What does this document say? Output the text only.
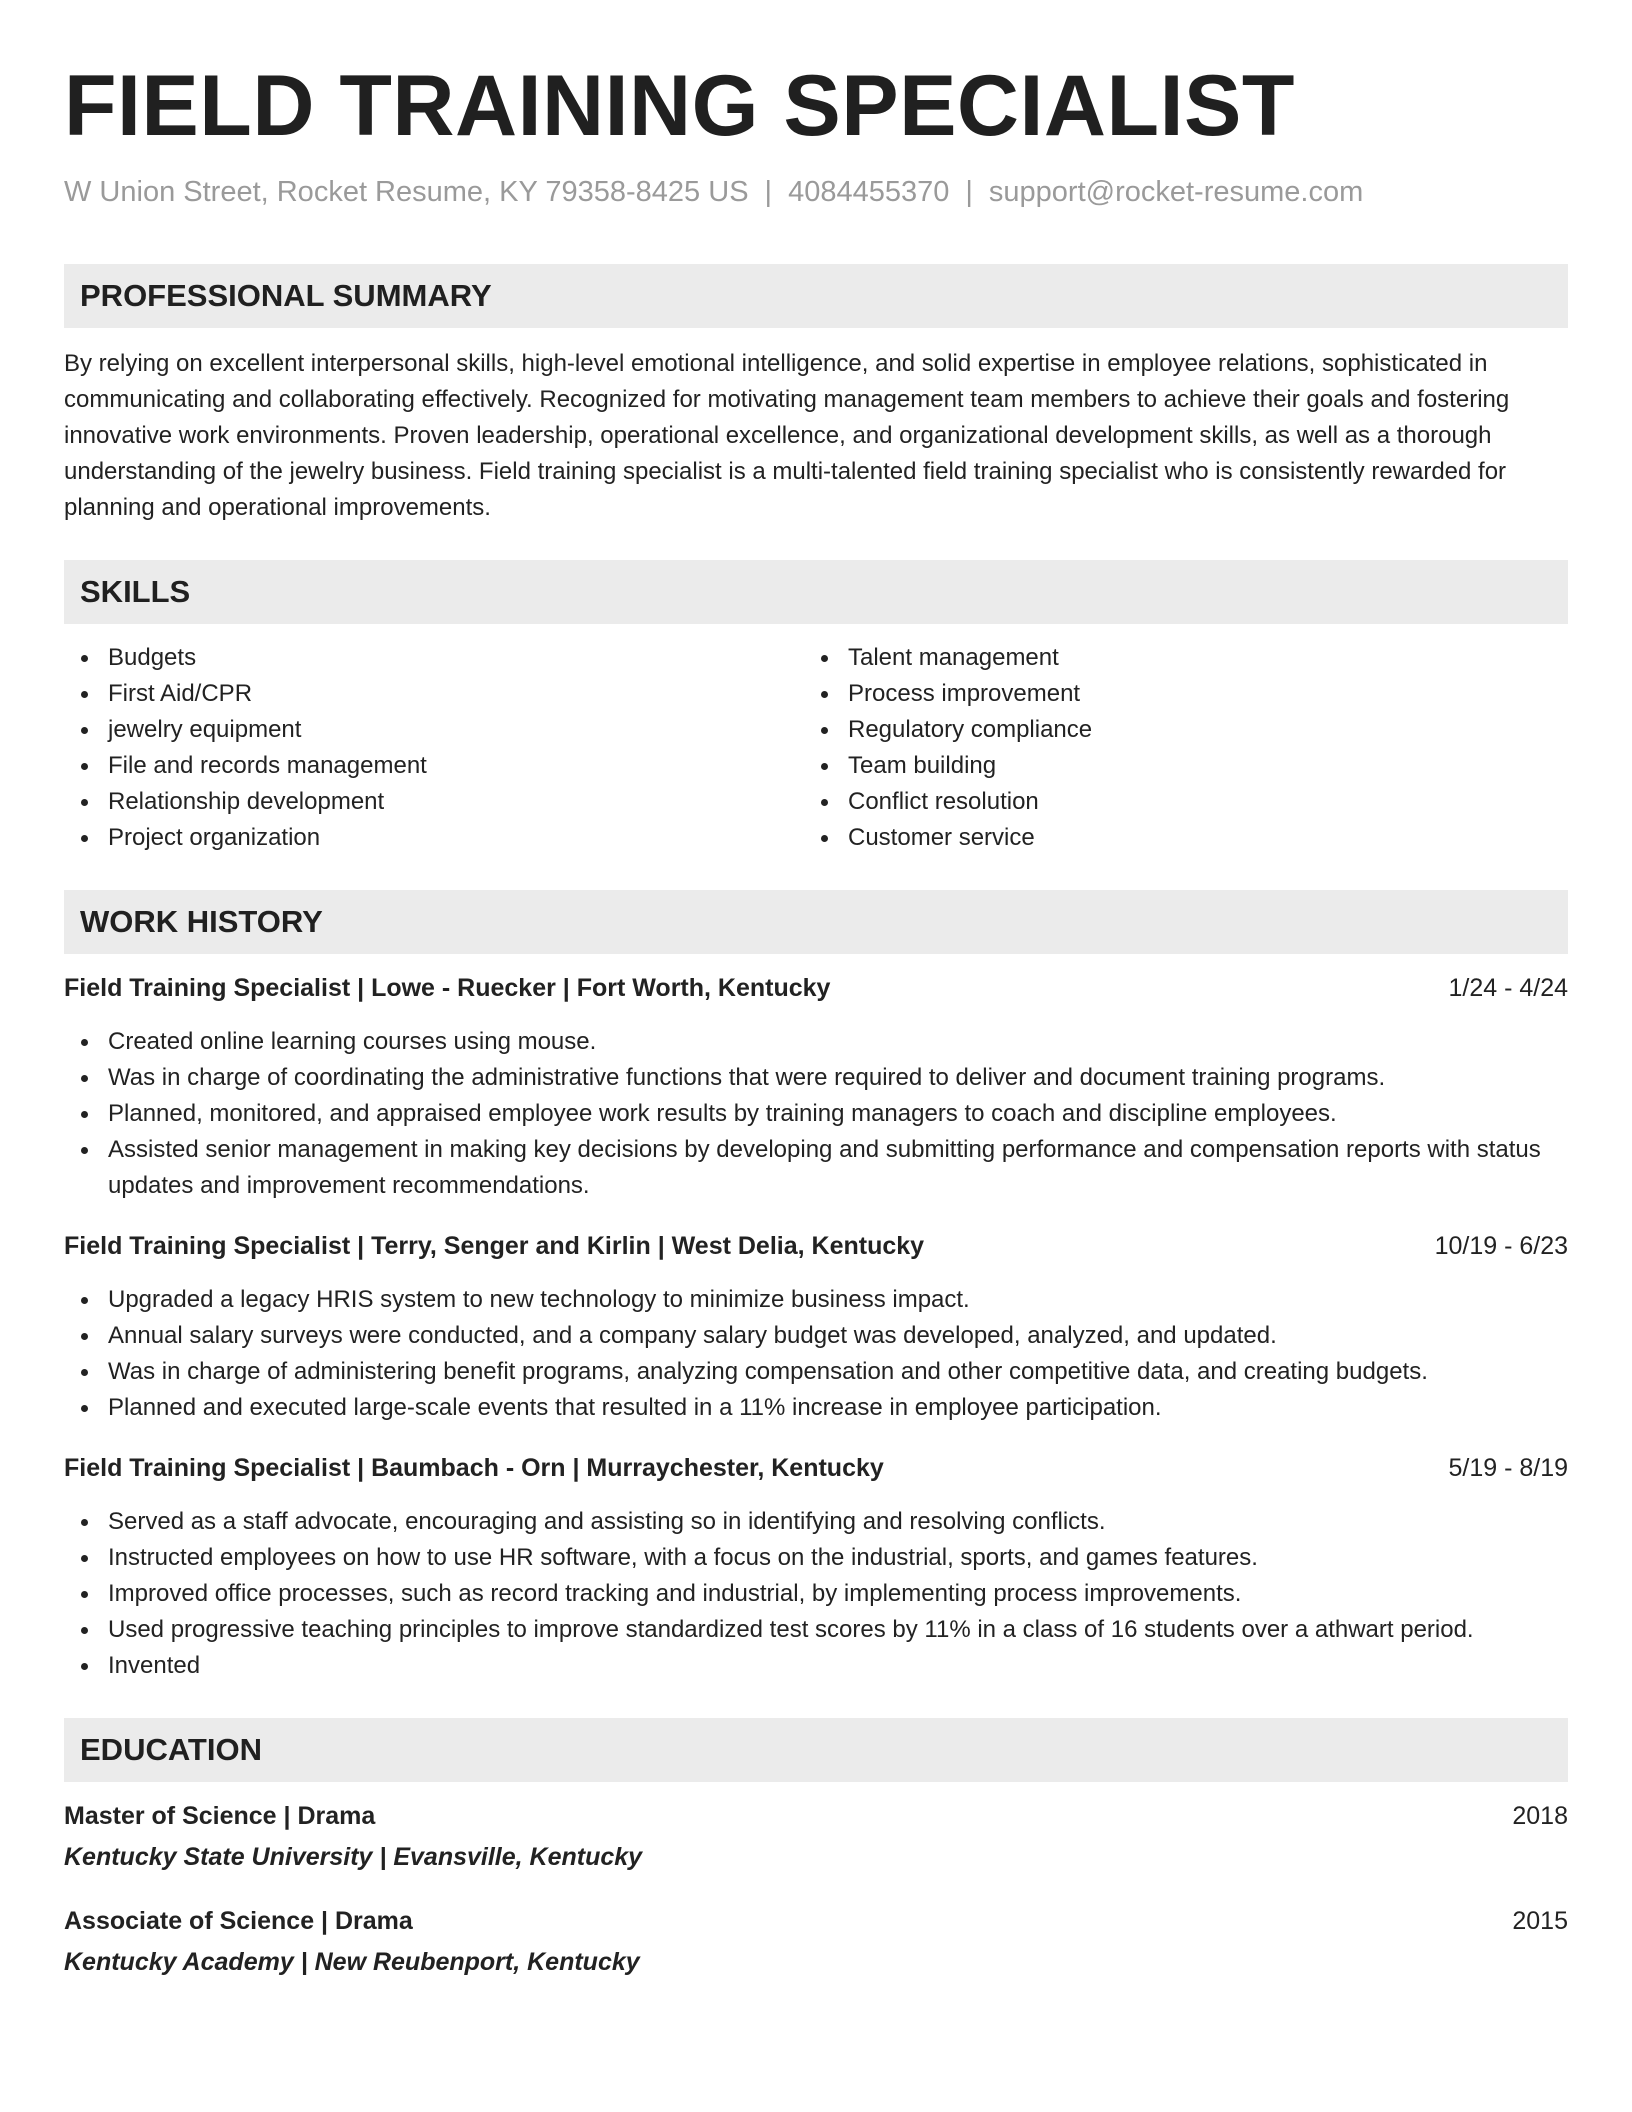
FIELD TRAINING SPECIALIST
W Union Street, Rocket Resume, KY 79358-8425 US | 4084455370 | support@rocket-resume.com
PROFESSIONAL SUMMARY

By relying on excellent interpersonal skills, high-level emotional intelligence, and solid expertise in employee relations, sophisticated in communicating and collaborating effectively. Recognized for motivating management team members to achieve their goals and fostering innovative work environments. Proven leadership, operational excellence, and organizational development skills, as well as a thorough understanding of the jewelry business. Field training specialist is a multi-talented field training specialist who is consistently rewarded for planning and operational improvements.

SKILLS
Budgets
First Aid/CPR
jewelry equipment
File and records management
Relationship development
Project organization
Talent management
Process improvement
Regulatory compliance
Team building
Conflict resolution
Customer service
WORK HISTORY
Field Training Specialist | Lowe - Ruecker | Fort Worth, Kentucky	1/24 - 4/24
Created online learning courses using mouse.
Was in charge of coordinating the administrative functions that were required to deliver and document training programs.
Planned, monitored, and appraised employee work results by training managers to coach and discipline employees.
Assisted senior management in making key decisions by developing and submitting performance and compensation reports with status updates and improvement recommendations.
Field Training Specialist | Terry, Senger and Kirlin | West Delia, Kentucky	10/19 - 6/23
Upgraded a legacy HRIS system to new technology to minimize business impact.
Annual salary surveys were conducted, and a company salary budget was developed, analyzed, and updated.
Was in charge of administering benefit programs, analyzing compensation and other competitive data, and creating budgets.
Planned and executed large-scale events that resulted in a 11% increase in employee participation.
Field Training Specialist | Baumbach - Orn | Murraychester, Kentucky	5/19 - 8/19
Served as a staff advocate, encouraging and assisting so in identifying and resolving conflicts.
Instructed employees on how to use HR software, with a focus on the industrial, sports, and games features.
Improved office processes, such as record tracking and industrial, by implementing process improvements.
Used progressive teaching principles to improve standardized test scores by 11% in a class of 16 students over a athwart period.
Invented
EDUCATION
Master of Science | Drama	2018
Kentucky State University | Evansville, Kentucky
Associate of Science | Drama	2015
Kentucky Academy | New Reubenport, Kentucky
